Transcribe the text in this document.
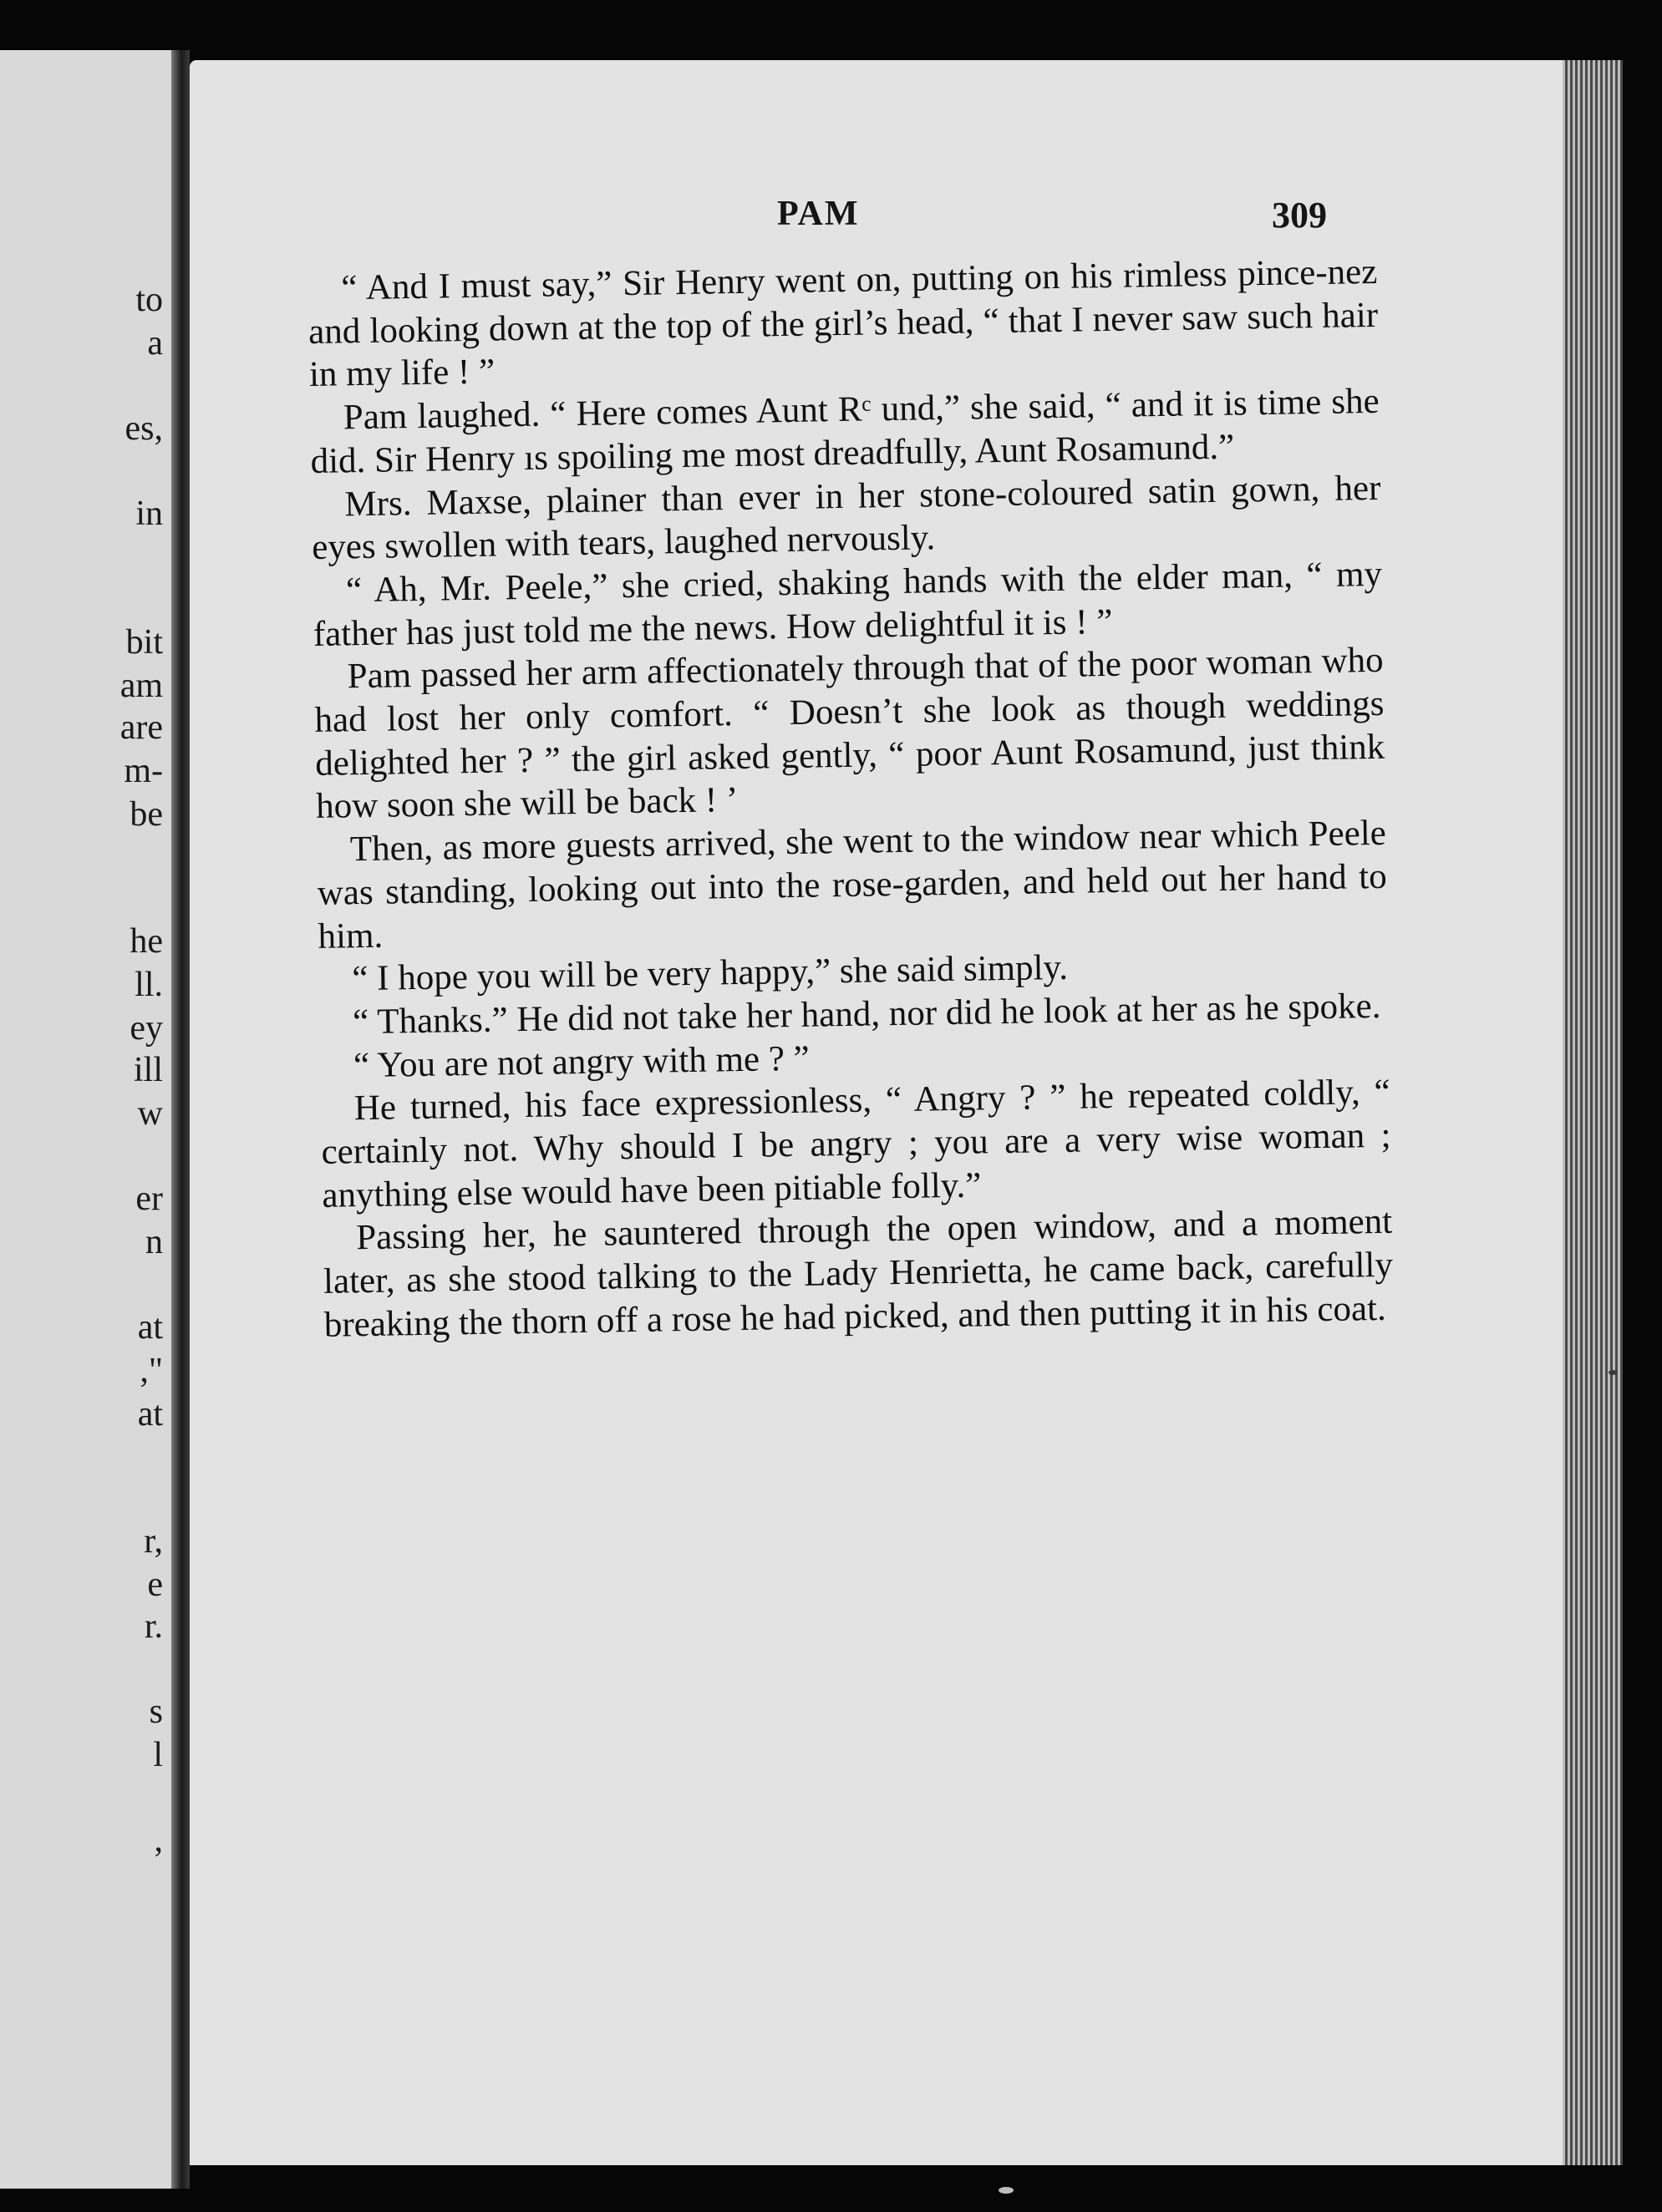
to
a
es,
in
bit
am
are
m-
be
he
ll.
ey
ill
w
er
n
at
,"
at
r,
e
r.
s
l
,
PAM	309

“ And I must say,” Sir Henry went on, putting on his rimless pince-nez and looking down at the top of the girl’s head, “ that I never saw such hair in my life ! ”

Pam laughed. “ Here comes Aunt Rᶜ und,” she said, “ and it is time she did. Sir Henry ıs spoiling me most dreadfully, Aunt Rosamund.”

Mrs. Maxse, plainer than ever in her stone-coloured satin gown, her eyes swollen with tears, laughed nervously.

“ Ah, Mr. Peele,” she cried, shaking hands with the elder man, “ my father has just told me the news. How delightful it is ! ”

Pam passed her arm affectionately through that of the poor woman who had lost her only comfort. “ Doesn’t she look as though weddings delighted her ? ” the girl asked gently, “ poor Aunt Rosamund, just think how soon she will be back ! ’

Then, as more guests arrived, she went to the window near which Peele was standing, looking out into the rose-garden, and held out her hand to him.

“ I hope you will be very happy,” she said simply.

“ Thanks.” He did not take her hand, nor did he look at her as he spoke.

“ You are not angry with me ? ”

He turned, his face expressionless, “ Angry ? ” he repeated coldly, “ certainly not. Why should I be angry ; you are a very wise woman ; anything else would have been pitiable folly.”

Passing her, he sauntered through the open window, and a moment later, as she stood talking to the Lady Henrietta, he came back, carefully breaking the thorn off a rose he had picked, and then putting it in his coat.
